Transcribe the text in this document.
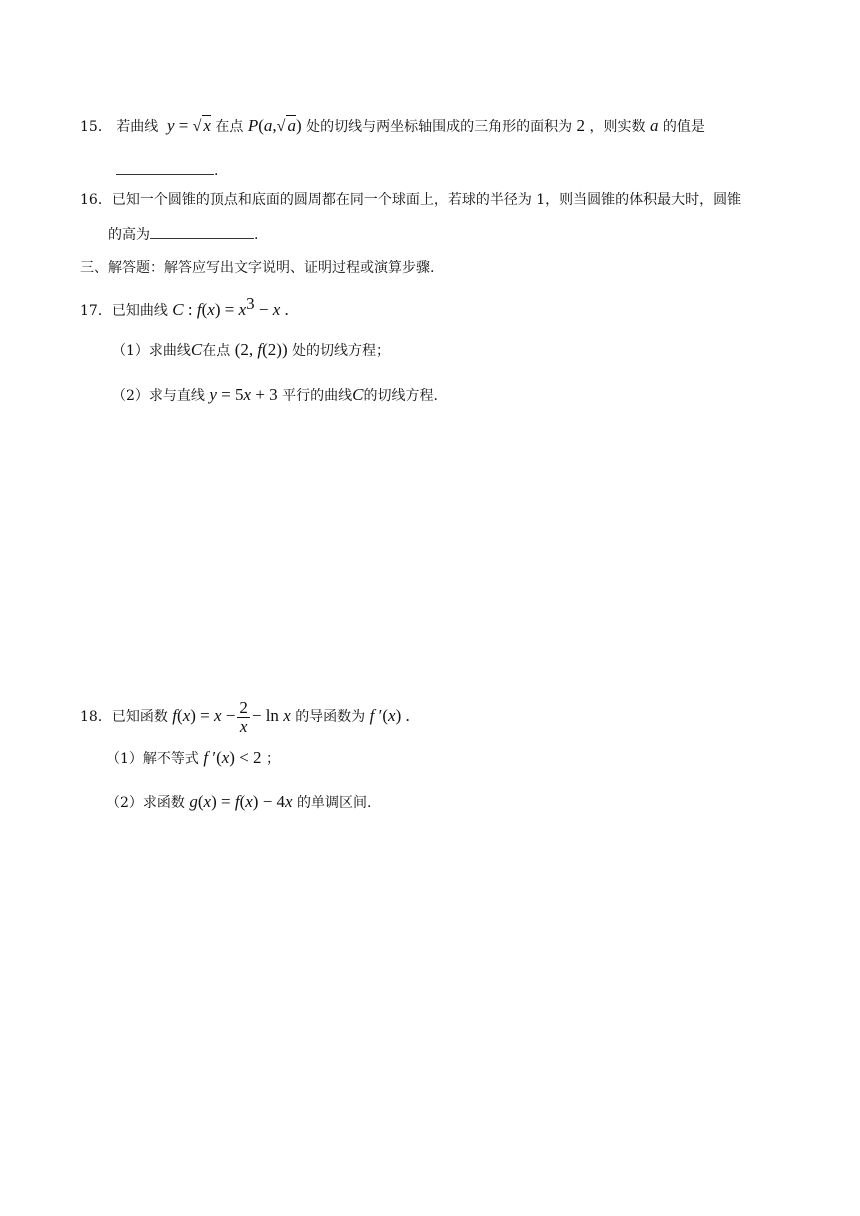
15． 若曲线  y = √ x 在点 P(a,√ a) 处的切线与两坐标轴围成的三角形的面积为 2 ，则实数 a 的值是
.
16．已知一个圆锥的顶点和底面的圆周都在同一个球面上，若球的半径为 1，则当圆锥的体积最大时，圆锥
的高为	.
三、解答题：解答应写出文字说明、证明过程或演算步骤.
17．已知曲线 C : $f(x) = x^3 - x$ .
（1）求曲线C在点 (2, f(2)) 处的切线方程；
（2）求与直线 y = 5x + 3 平行的曲线C的切线方程.
18．已知函数 $f(x) = x - \frac{2}{x} - \ln x$ 的导函数为 f ′(x) .
（1）解不等式 f ′(x) < 2 ；
（2）求函数 g(x) = f(x) − 4x 的单调区间.
